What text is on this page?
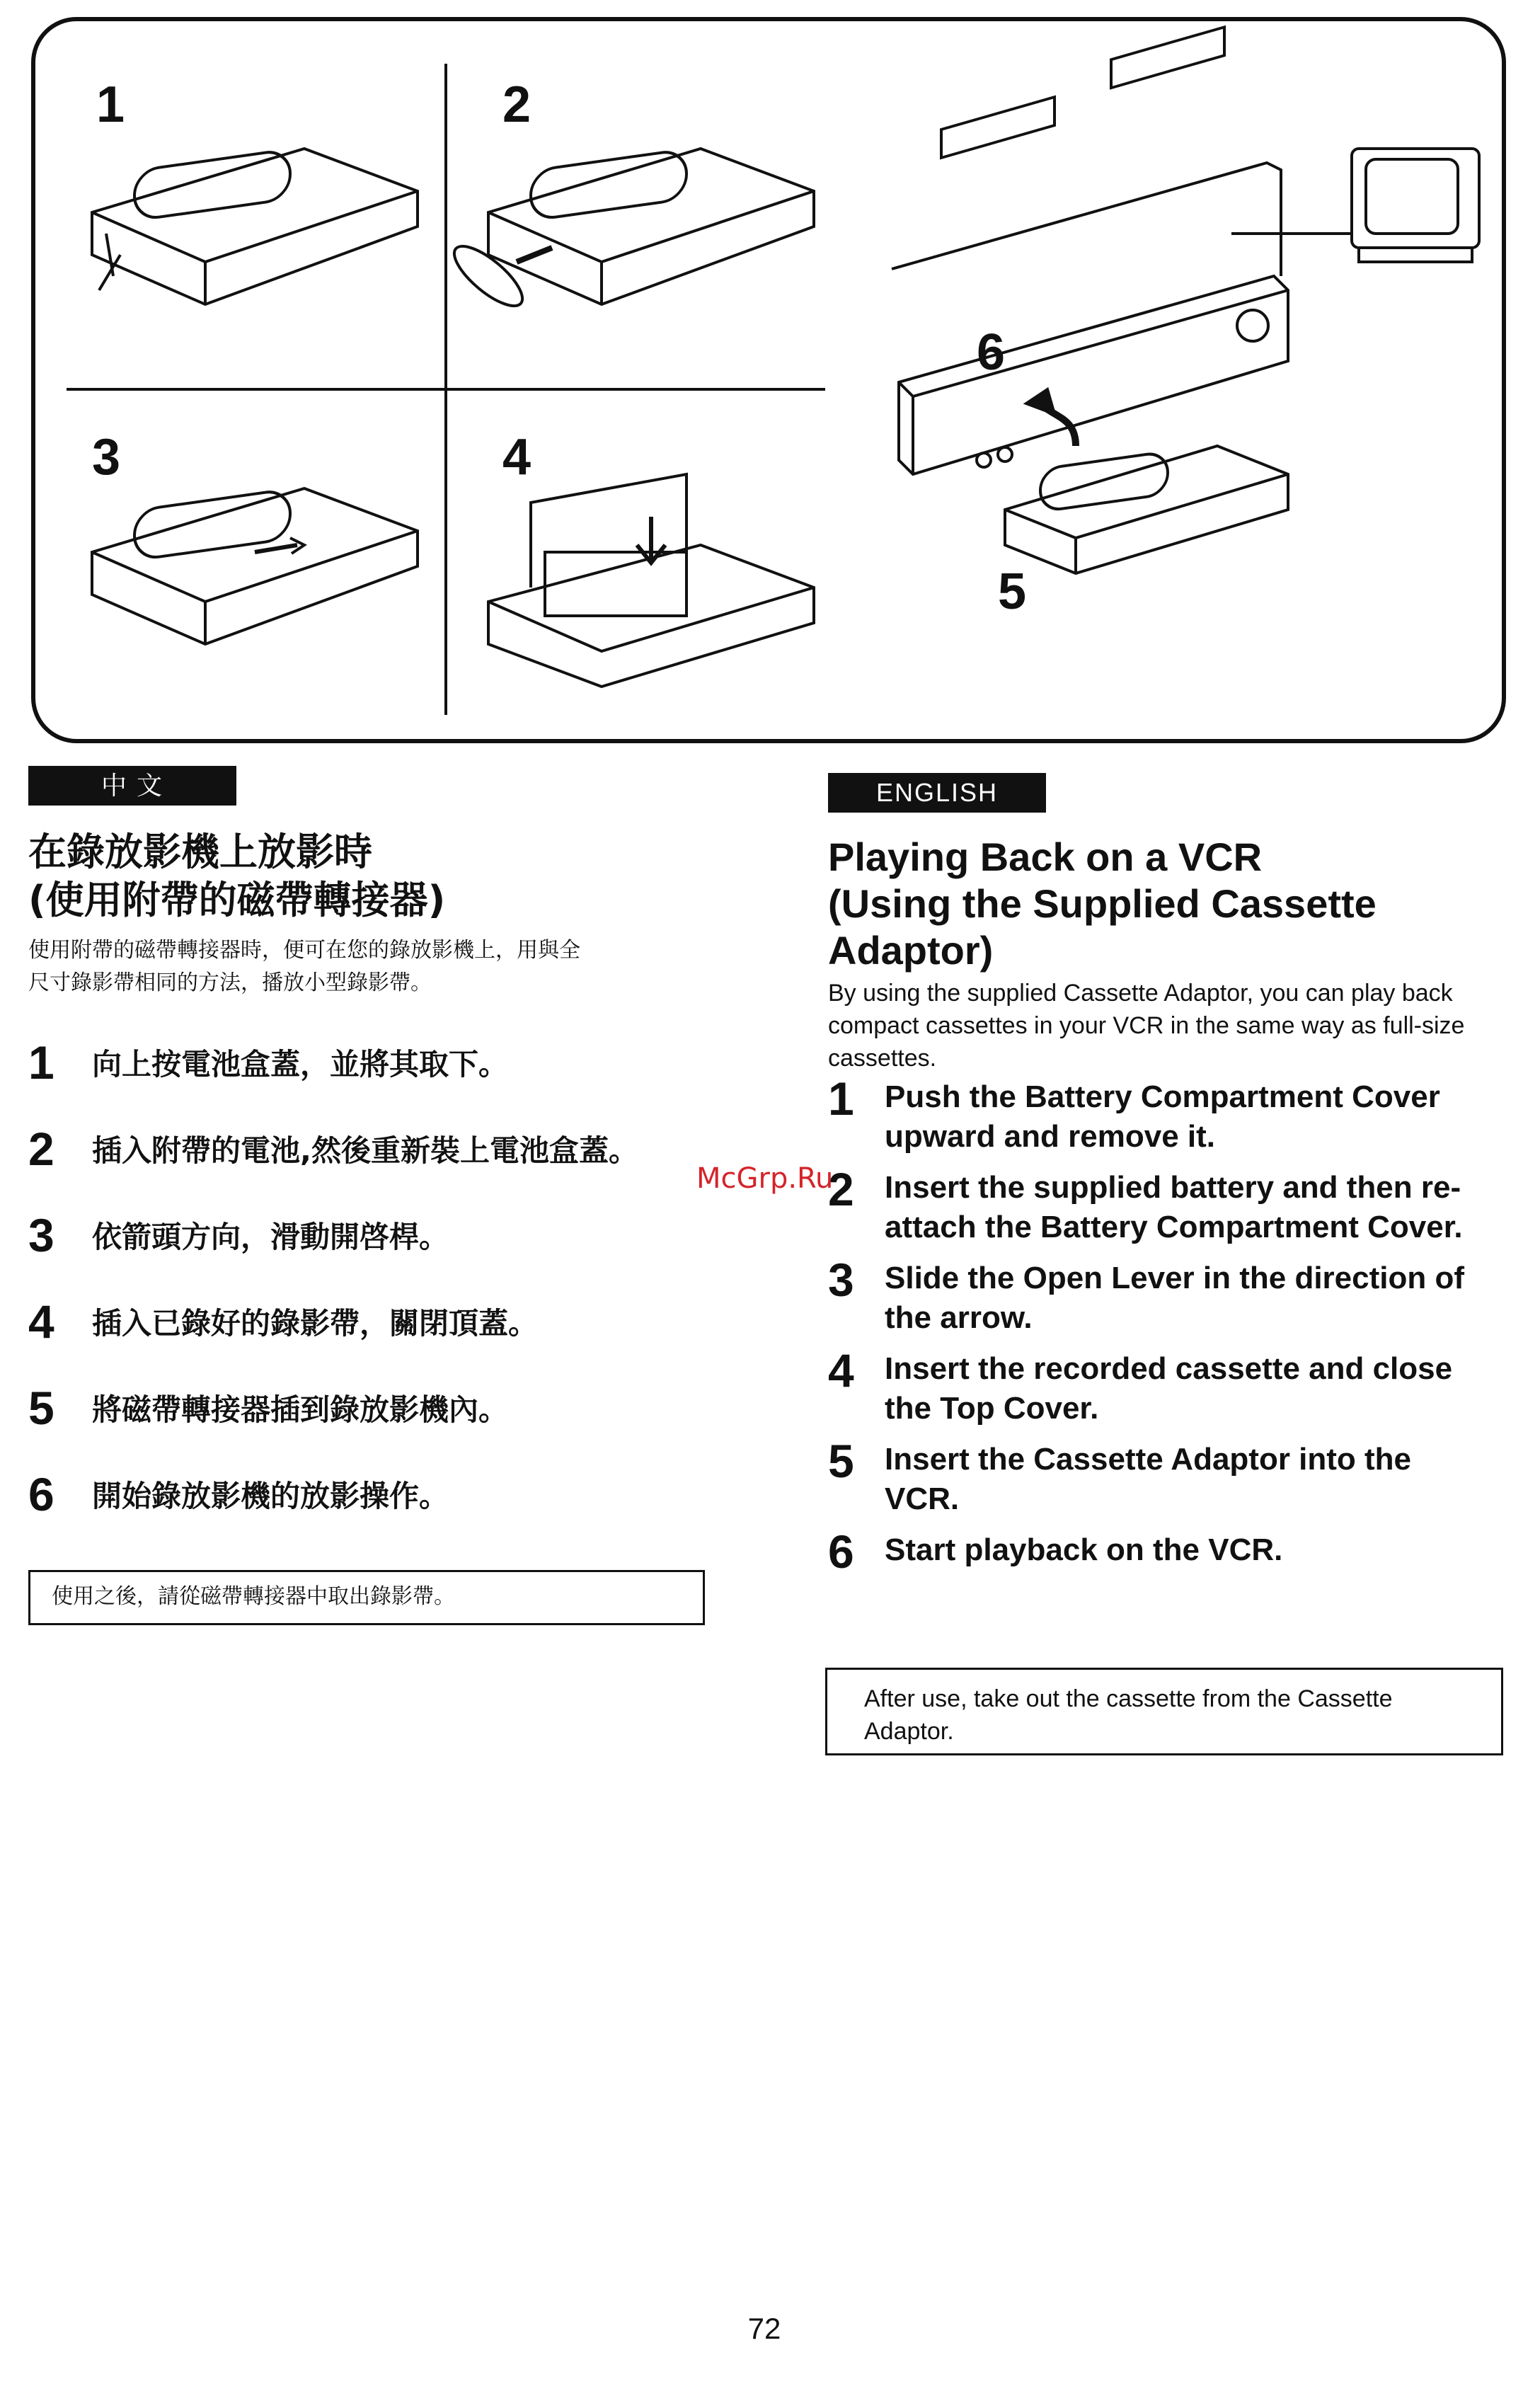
1	2
3	4
6
5
中 文
在錄放影機上放影時
(使用附帶的磁帶轉接器)
使用附帶的磁帶轉接器時，便可在您的錄放影機上，用與全
尺寸錄影帶相同的方法，播放小型錄影帶。
1	向上按電池盒蓋，並將其取下。
2	插入附帶的電池,然後重新裝上電池盒蓋。
3	依箭頭方向，滑動開啓桿。
4	插入已錄好的錄影帶，關閉頂蓋。
5	將磁帶轉接器插到錄放影機內。
6	開始錄放影機的放影操作。
使用之後，請從磁帶轉接器中取出錄影帶。
ENGLISH
Playing Back on a VCR
(Using the Supplied Cassette
Adaptor)
By using the supplied Cassette Adaptor, you can play back compact cassettes in your VCR in the same way as full-size cassettes.
1 Push the Battery Compartment Cover upward and remove it.
2 Insert the supplied battery and then re-attach the Battery Compartment Cover.
3 Slide the Open Lever in the direction of the arrow.
4 Insert the recorded cassette and close the Top Cover.
5 Insert the Cassette Adaptor into the VCR.
6 Start playback on the VCR.
After use, take out the cassette from the Cassette Adaptor.
McGrp.Ru
72
